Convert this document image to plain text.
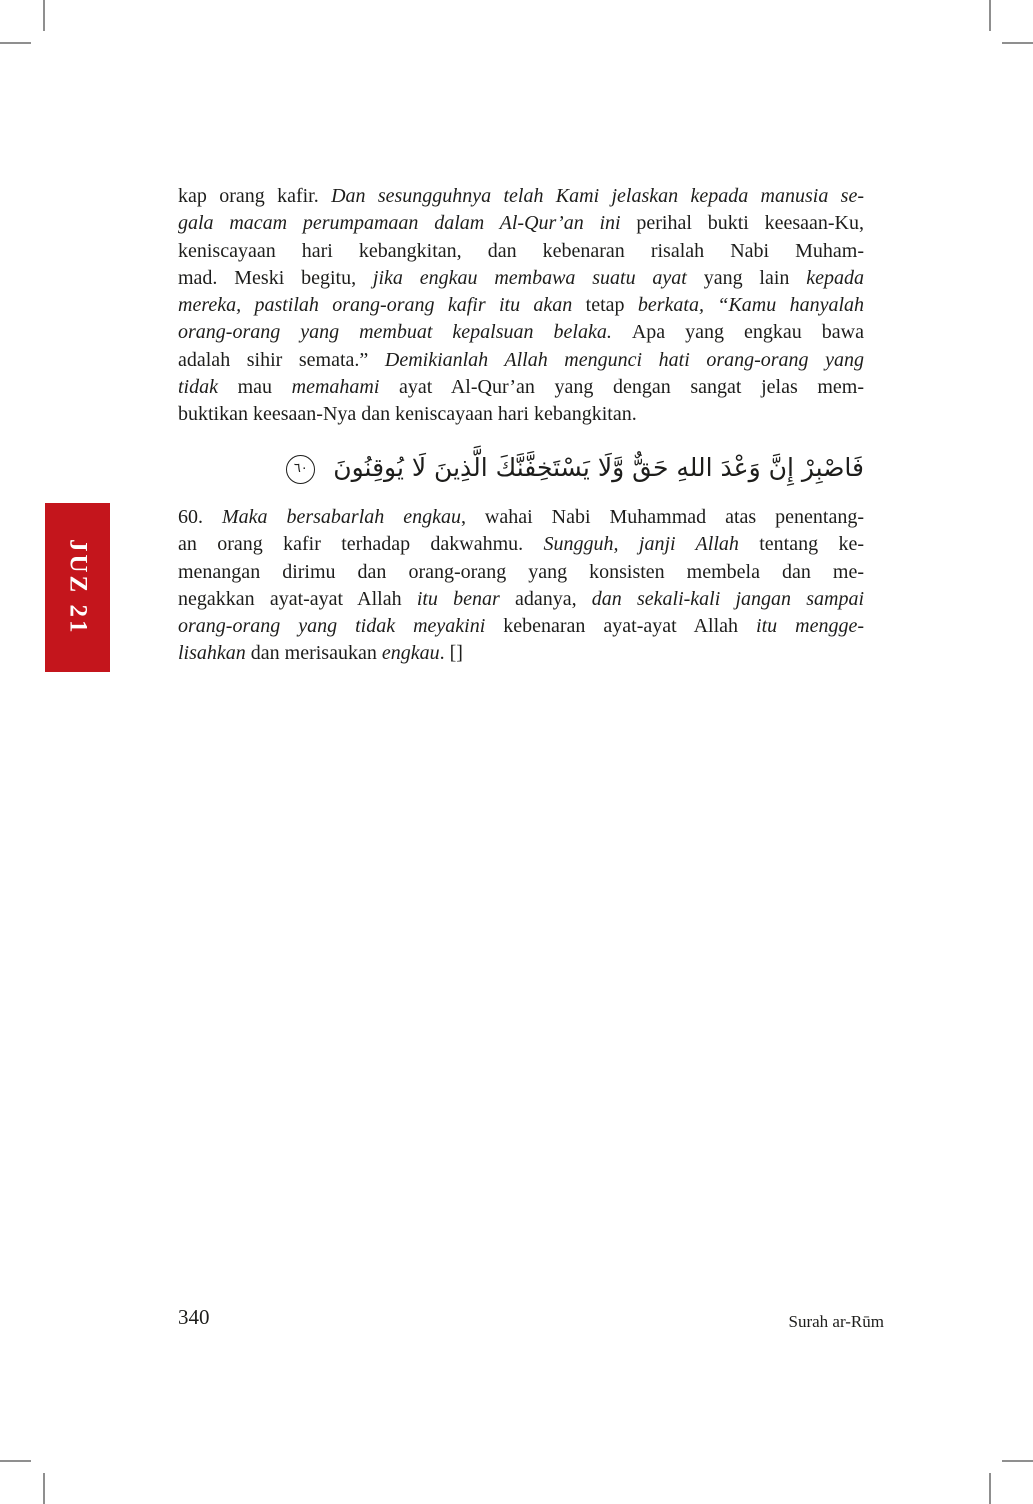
kap orang kafir. Dan sesungguhnya telah Kami jelaskan kepada manusia se-
gala macam perumpamaan dalam Al-Qur’an ini perihal bukti keesaan-Ku,
keniscayaan hari kebangkitan, dan kebenaran risalah Nabi Muham-
mad. Meski begitu, jika engkau membawa suatu ayat yang lain kepada
mereka, pastilah orang-orang kafir itu akan tetap berkata, “Kamu hanyalah
orang-orang yang membuat kepalsuan belaka. Apa yang engkau bawa
adalah sihir semata.” Demikianlah Allah mengunci hati orang-orang yang
tidak mau memahami ayat Al-Qur’an yang dengan sangat jelas mem-
buktikan keesaan-Nya dan keniscayaan hari kebangkitan.
فَاصْبِرْ إِنَّ وَعْدَ اللهِ حَقٌّ وَّلَا يَسْتَخِفَّنَّكَ الَّذِينَ لَا يُوقِنُونَ ٦٠
60. Maka bersabarlah engkau, wahai Nabi Muhammad atas penentang-
an orang kafir terhadap dakwahmu. Sungguh, janji Allah tentang ke-
menangan dirimu dan orang-orang yang konsisten membela dan me-
negakkan ayat-ayat Allah itu benar adanya, dan sekali-kali jangan sampai
orang-orang yang tidak meyakini kebenaran ayat-ayat Allah itu mengge-
lisahkan dan merisaukan engkau. []
JUZ 21
340	Surah ar-Rūm
